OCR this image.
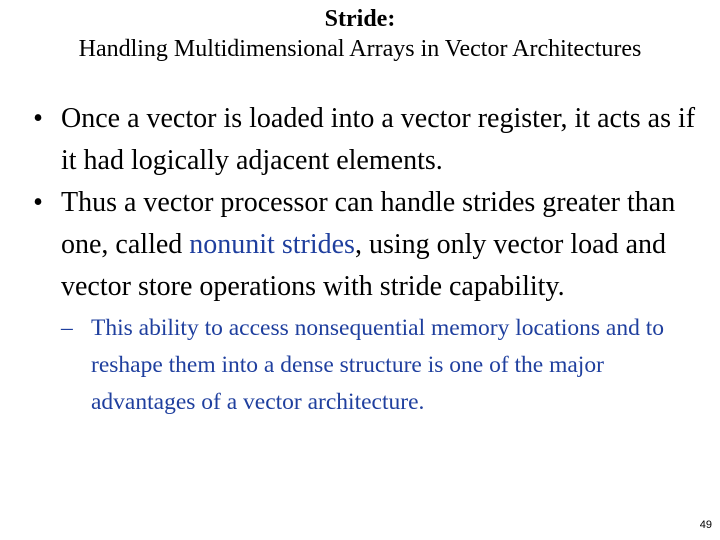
Stride:
Handling Multidimensional Arrays in Vector Architectures
• Once a vector is loaded into a vector register, it acts as if it had logically adjacent elements.
• Thus a vector processor can handle strides greater than one, called nonunit strides, using only vector load and vector store operations with stride capability.
– This ability to access nonsequential memory locations and to reshape them into a dense structure is one of the major advantages of a vector architecture.
49
